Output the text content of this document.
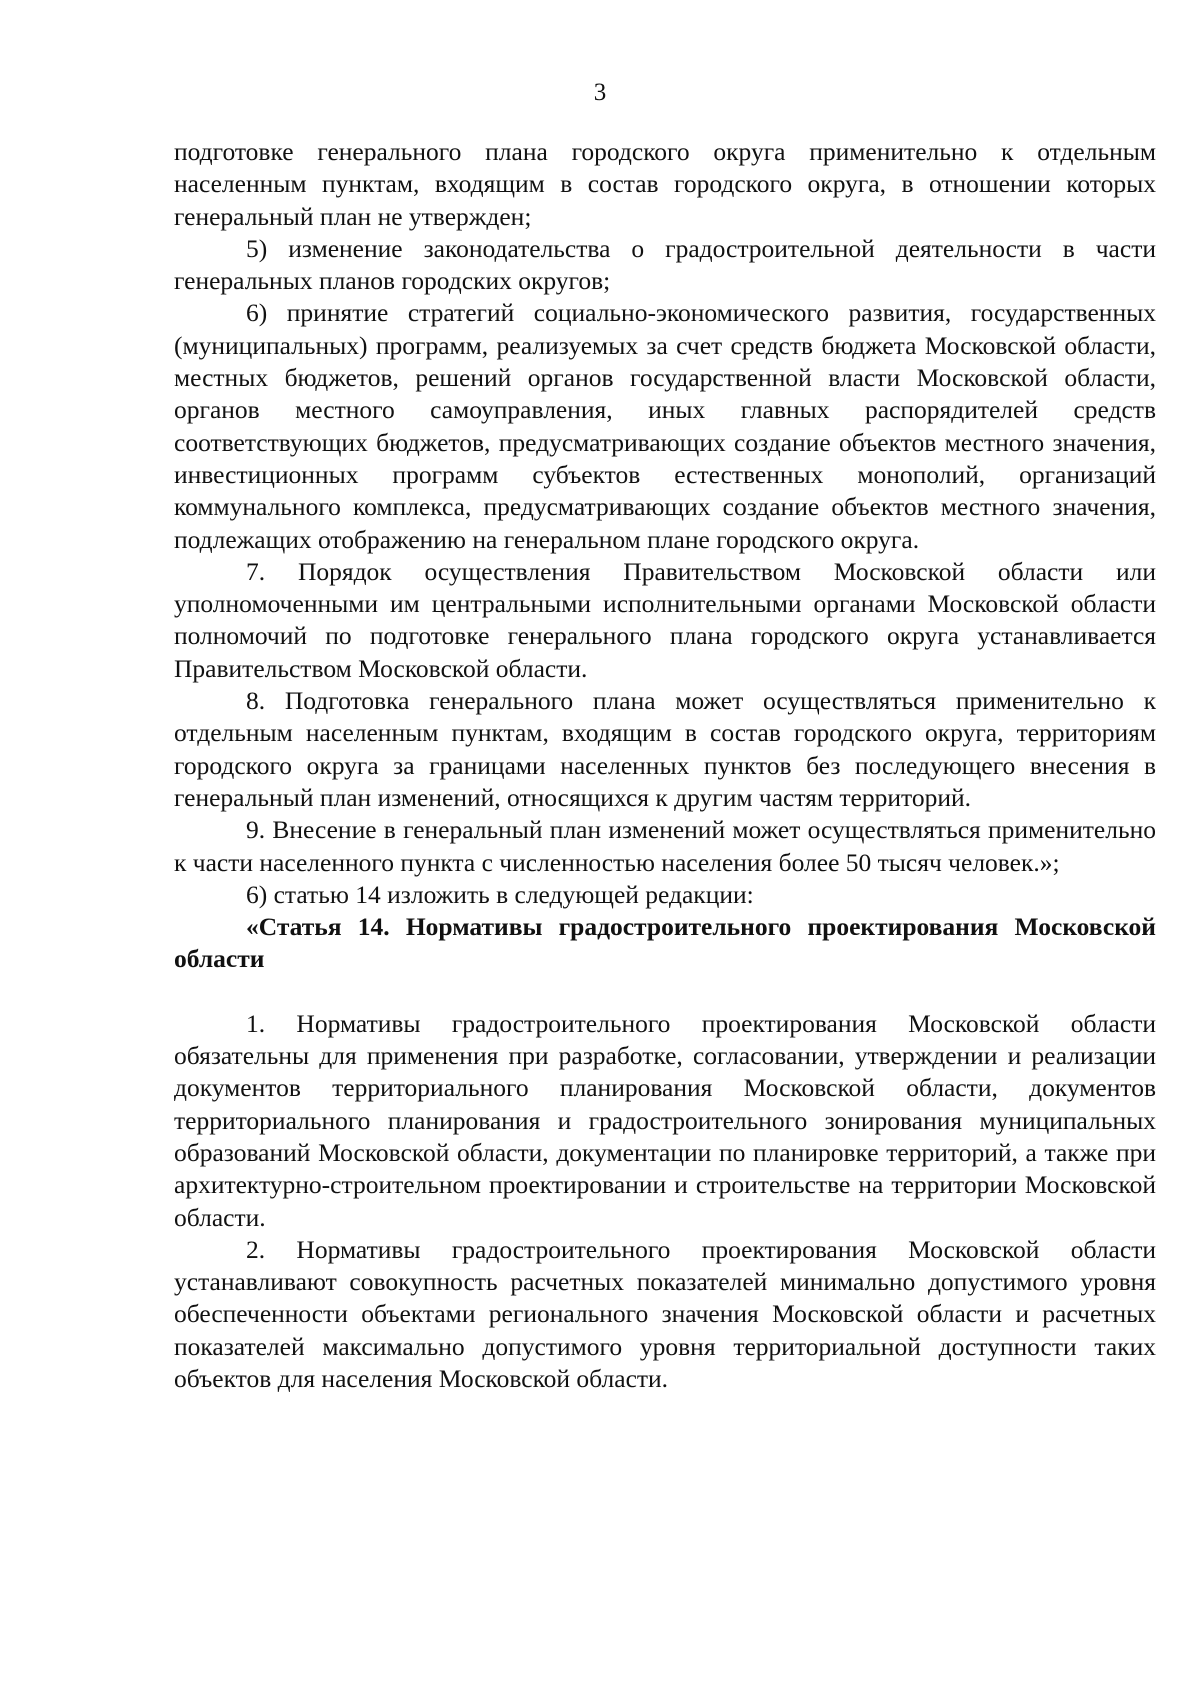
3

подготовке генерального плана городского округа применительно к отдельным населенным пунктам, входящим в состав городского округа, в отношении которых генеральный план не утвержден;

5) изменение законодательства о градостроительной деятельности в части генеральных планов городских округов;

6) принятие стратегий социально-экономического развития, государственных (муниципальных) программ, реализуемых за счет средств бюджета Московской области, местных бюджетов, решений органов государственной власти Московской области, органов местного самоуправления, иных главных распорядителей средств соответствующих бюджетов, предусматривающих создание объектов местного значения, инвестиционных программ субъектов естественных монополий, организаций коммунального комплекса, предусматривающих создание объектов местного значения, подлежащих отображению на генеральном плане городского округа.

7. Порядок осуществления Правительством Московской области или уполномоченными им центральными исполнительными органами Московской области полномочий по подготовке генерального плана городского округа устанавливается Правительством Московской области.

8. Подготовка генерального плана может осуществляться применительно к отдельным населенным пунктам, входящим в состав городского округа, территориям городского округа за границами населенных пунктов без последующего внесения в генеральный план изменений, относящихся к другим частям территорий.

9. Внесение в генеральный план изменений может осуществляться применительно к части населенного пункта с численностью населения более 50 тысяч человек.»;

6) статью 14 изложить в следующей редакции:

«Статья 14. Нормативы градостроительного проектирования Московской области

1. Нормативы градостроительного проектирования Московской области обязательны для применения при разработке, согласовании, утверждении и реализации документов территориального планирования Московской области, документов территориального планирования и градостроительного зонирования муниципальных образований Московской области, документации по планировке территорий, а также при архитектурно-строительном проектировании и строительстве на территории Московской области.

2. Нормативы градостроительного проектирования Московской области устанавливают совокупность расчетных показателей минимально допустимого уровня обеспеченности объектами регионального значения Московской области и расчетных показателей максимально допустимого уровня территориальной доступности таких объектов для населения Московской области.
